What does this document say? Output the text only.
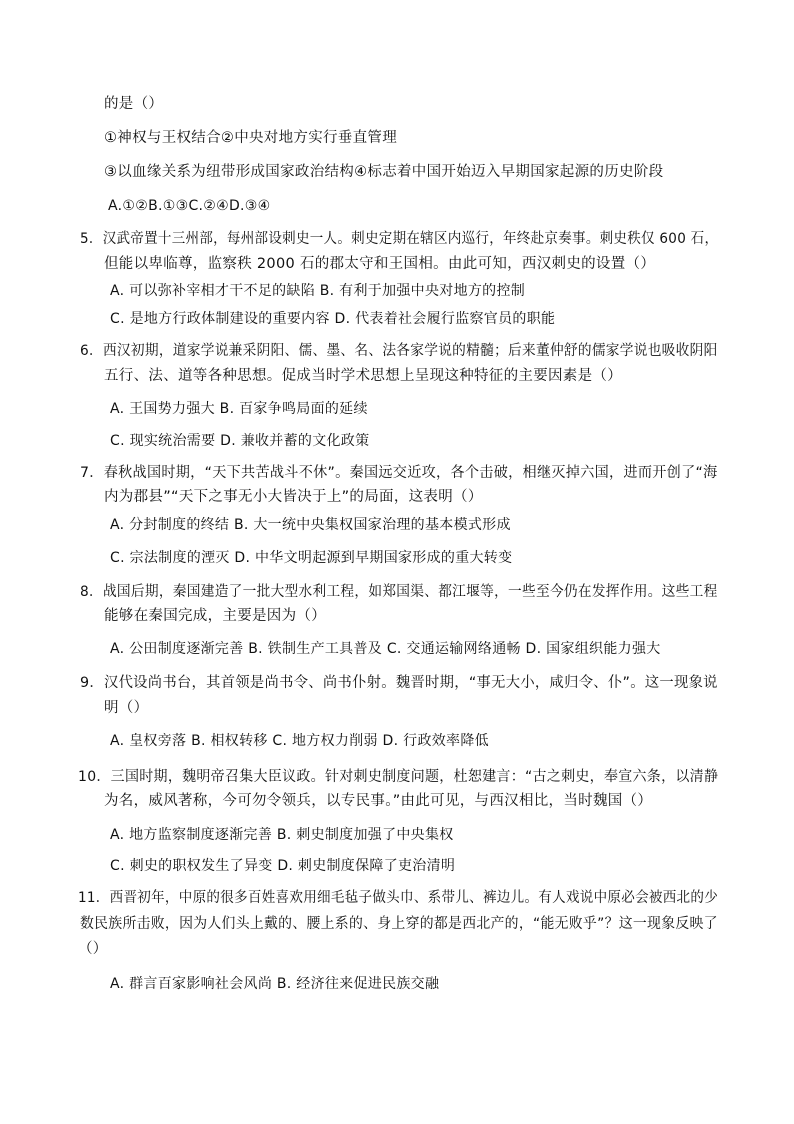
的是（）
①神权与王权结合②中央对地方实行垂直管理
③以血缘关系为纽带形成国家政治结构④标志着中国开始迈入早期国家起源的历史阶段
A.①②B.①③C.②④D.③④
5．汉武帝置十三州部，每州部设刺史一人。刺史定期在辖区内巡行，年终赴京奏事。刺史秩仅 600 石，
但能以卑临尊，监察秩 2000 石的郡太守和王国相。由此可知，西汉刺史的设置（）
A. 可以弥补宰相才干不足的缺陷 B. 有利于加强中央对地方的控制
C. 是地方行政体制建设的重要内容 D. 代表着社会履行监察官员的职能
6．西汉初期，道家学说兼采阴阳、儒、墨、名、法各家学说的精髓；后来董仲舒的儒家学说也吸收阴阳
五行、法、道等各种思想。促成当时学术思想上呈现这种特征的主要因素是（）
A. 王国势力强大 B. 百家争鸣局面的延续
C. 现实统治需要 D. 兼收并蓄的文化政策
7．春秋战国时期，“天下共苦战斗不休”。秦国远交近攻，各个击破，相继灭掉六国，进而开创了“海
内为郡县”“天下之事无小大皆决于上”的局面，这表明（）
A. 分封制度的终结 B. 大一统中央集权国家治理的基本模式形成
C. 宗法制度的湮灭 D. 中华文明起源到早期国家形成的重大转变
8．战国后期，秦国建造了一批大型水利工程，如郑国渠、都江堰等，一些至今仍在发挥作用。这些工程
能够在秦国完成，主要是因为（）
A. 公田制度逐渐完善 B. 铁制生产工具普及 C. 交通运输网络通畅 D. 国家组织能力强大
9．汉代设尚书台，其首领是尚书令、尚书仆射。魏晋时期，“事无大小，咸归令、仆”。这一现象说
明（）
A. 皇权旁落 B. 相权转移 C. 地方权力削弱 D. 行政效率降低
10．三国时期，魏明帝召集大臣议政。针对刺史制度问题，杜恕建言：“古之刺史，奉宣六条，以清静
为名，威风著称，今可勿令领兵，以专民事。”由此可见，与西汉相比，当时魏国（）
A. 地方监察制度逐渐完善 B. 刺史制度加强了中央集权
C. 刺史的职权发生了异变 D. 刺史制度保障了吏治清明
11．西晋初年，中原的很多百姓喜欢用细毛毡子做头巾、系带儿、裤边儿。有人戏说中原必会被西北的少
数民族所击败，因为人们头上戴的、腰上系的、身上穿的都是西北产的，“能无败乎”？这一现象反映了
（）
A. 群言百家影响社会风尚 B. 经济往来促进民族交融
